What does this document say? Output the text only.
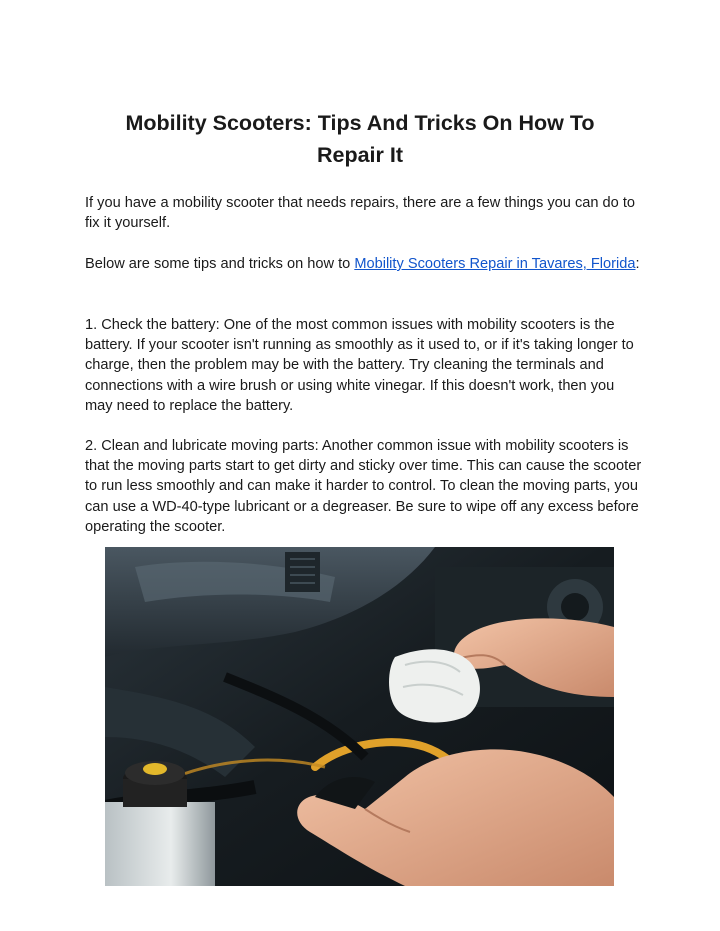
Mobility Scooters: Tips And Tricks On How To
Repair It

If you have a mobility scooter that needs repairs, there are a few things you can do to fix it yourself.

Below are some tips and tricks on how to Mobility Scooters Repair in Tavares, Florida:

1. Check the battery: One of the most common issues with mobility scooters is the battery. If your scooter isn't running as smoothly as it used to, or if it's taking longer to charge, then the problem may be with the battery. Try cleaning the terminals and connections with a wire brush or using white vinegar. If this doesn't work, then you may need to replace the battery.

2. Clean and lubricate moving parts: Another common issue with mobility scooters is that the moving parts start to get dirty and sticky over time. This can cause the scooter to run less smoothly and can make it harder to control. To clean the moving parts, you can use a WD-40-type lubricant or a degreaser. Be sure to wipe off any excess before operating the scooter.
